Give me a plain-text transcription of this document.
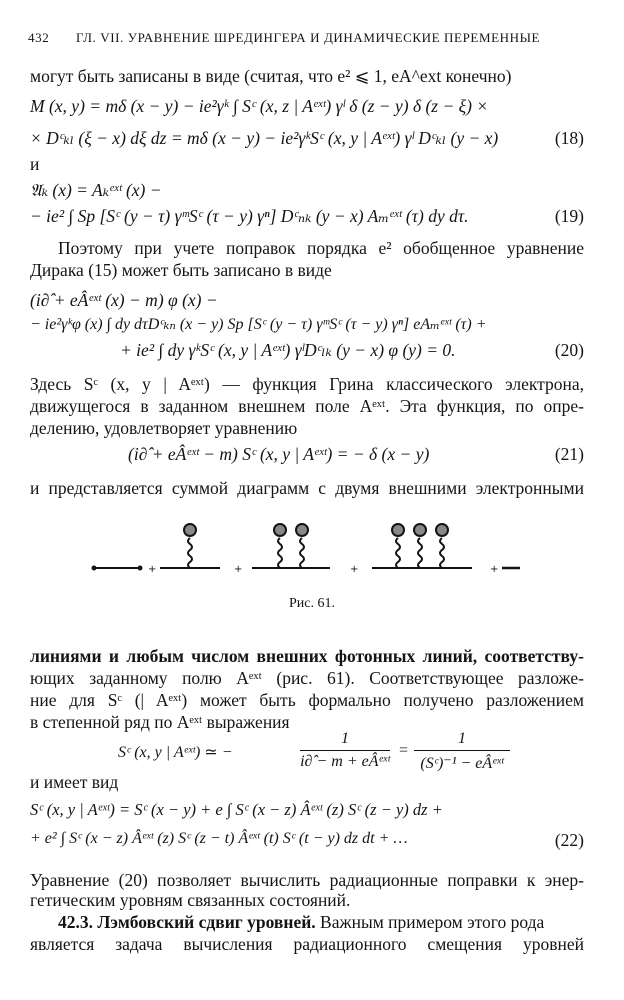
432 ГЛ. VII. УРАВНЕНИЕ ШРЕДИНГЕРА И ДИНАМИЧЕСКИЕ ПЕРЕМЕННЫЕ
могут быть записаны в виде (считая, что e² ⩽ 1, eA^ext конечно)
M (x, y) = mδ (x − y) − ie²γᵏ ∫ Sᶜ (x, z | Aᵉˣᵗ) γˡ δ (z − y) δ (z − ξ) ×
× Dᶜₖₗ (ξ − x) dξ dz = mδ (x − y) − ie²γᵏSᶜ (x, y | Aᵉˣᵗ) γˡ Dᶜₖₗ (y − x)	(18)
и
𝔄ₖ (x) = Aₖᵉˣᵗ (x) −
− ie² ∫ Sp [Sᶜ (y − τ) γᵐSᶜ (τ − y) γⁿ] Dᶜₙₖ (y − x) Aₘᵉˣᵗ (τ) dy dτ.	(19)
Поэтому при учете поправок порядка e² обобщенное уравнение
Дирака (15) может быть записано в виде
(i∂̂ + eÂᵉˣᵗ (x) − m) φ (x) −
− ie²γᵏφ (x) ∫ dy dτDᶜₖₙ (x − y) Sp [Sᶜ (y − τ) γᵐSᶜ (τ − y) γⁿ] eAₘᵉˣᵗ (τ) +
+ ie² ∫ dy γᵏSᶜ (x, y | Aᵉˣᵗ) γˡDᶜₗₖ (y − x) φ (y) = 0.	(20)
Здесь Sᶜ (x, y | Aᵉˣᵗ) — функция Грина классического электрона,
движущегося в заданном внешнем поле Aᵉˣᵗ. Эта функция, по опре-
делению, удовлетворяет уравнению
(i∂̂ + eÂᵉˣᵗ − m) Sᶜ (x, y | Aᵉˣᵗ) = − δ (x − y)	(21)
и представляется суммой диаграмм с двумя внешними электронными
+	+	+	+
Рис. 61.
линиями и любым числом внешних фотонных линий, соответству-
ющих заданному полю Aᵉˣᵗ (рис. 61). Соответствующее разложе-
ние для Sᶜ (| Aᵉˣᵗ) может быть формально получено разложением
в степенной ряд по Aᵉˣᵗ выражения
Sᶜ (x, y | Aᵉˣᵗ) ≃ −
1
i∂̂ − m + eÂᵉˣᵗ
=
1
(Sᶜ)⁻¹ − eÂᵉˣᵗ
и имеет вид
Sᶜ (x, y | Aᵉˣᵗ) = Sᶜ (x − y) + e ∫ Sᶜ (x − z) Âᵉˣᵗ (z) Sᶜ (z − y) dz +
+ e² ∫ Sᶜ (x − z) Âᵉˣᵗ (z) Sᶜ (z − t) Âᵉˣᵗ (t) Sᶜ (t − y) dz dt + …	(22)
Уравнение (20) позволяет вычислить радиационные поправки к энер-
гетическим уровням связанных состояний.
42.3. Лэмбовский сдвиг уровней. Важным примером этого рода
является задача вычисления радиационного смещения уровней
